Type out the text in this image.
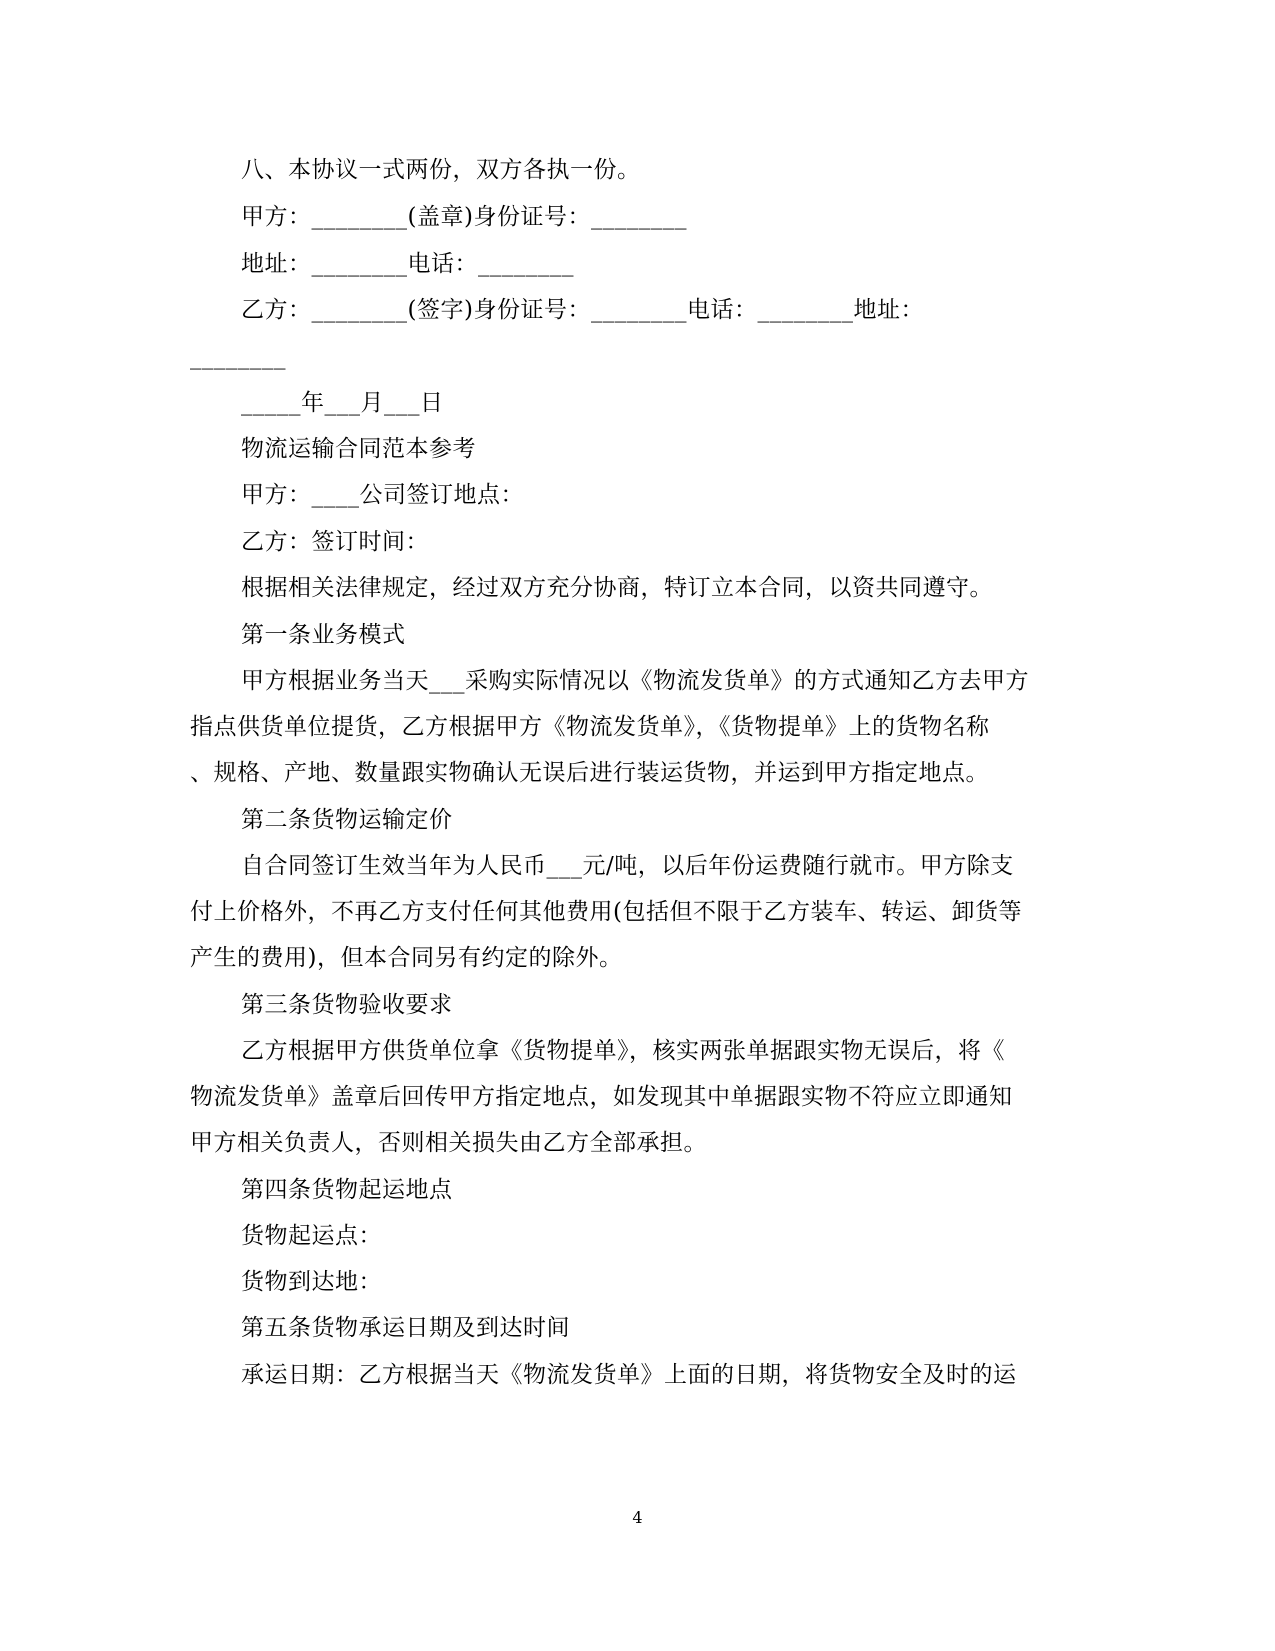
八、本协议一式两份，双方各执一份。
甲方：________(盖章)身份证号：________
地址：________电话：________
乙方：________(签字)身份证号：________电话：________地址：
________
_____年___月___日
物流运输合同范本参考
甲方：____公司签订地点：
乙方：签订时间：
根据相关法律规定，经过双方充分协商，特订立本合同，以资共同遵守。
第一条业务模式
甲方根据业务当天___采购实际情况以《物流发货单》的方式通知乙方去甲方
指点供货单位提货，乙方根据甲方《物流发货单》，《货物提单》上的货物名称
、规格、产地、数量跟实物确认无误后进行装运货物，并运到甲方指定地点。
第二条货物运输定价
自合同签订生效当年为人民币___元/吨，以后年份运费随行就市。甲方除支
付上价格外，不再乙方支付任何其他费用(包括但不限于乙方装车、转运、卸货等
产生的费用)，但本合同另有约定的除外。
第三条货物验收要求
乙方根据甲方供货单位拿《货物提单》，核实两张单据跟实物无误后，将《
物流发货单》盖章后回传甲方指定地点，如发现其中单据跟实物不符应立即通知
甲方相关负责人，否则相关损失由乙方全部承担。
第四条货物起运地点
货物起运点：
货物到达地：
第五条货物承运日期及到达时间
承运日期：乙方根据当天《物流发货单》上面的日期，将货物安全及时的运
4
